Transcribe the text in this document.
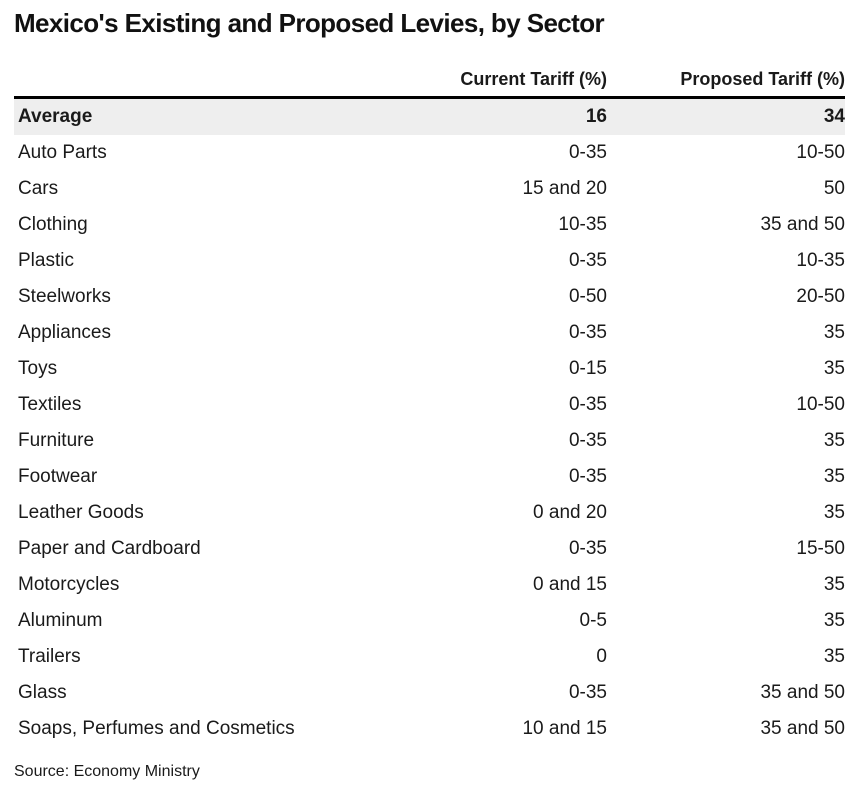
Mexico's Existing and Proposed Levies, by Sector
Current Tariff (%)	Proposed Tariff (%)
Average	16	34
Auto Parts	0-35	10-50
Cars	15 and 20	50
Clothing	10-35	35 and 50
Plastic	0-35	10-35
Steelworks	0-50	20-50
Appliances	0-35	35
Toys	0-15	35
Textiles	0-35	10-50
Furniture	0-35	35
Footwear	0-35	35
Leather Goods	0 and 20	35
Paper and Cardboard	0-35	15-50
Motorcycles	0 and 15	35
Aluminum	0-5	35
Trailers	0	35
Glass	0-35	35 and 50
Soaps, Perfumes and Cosmetics	10 and 15	35 and 50
Source: Economy Ministry
